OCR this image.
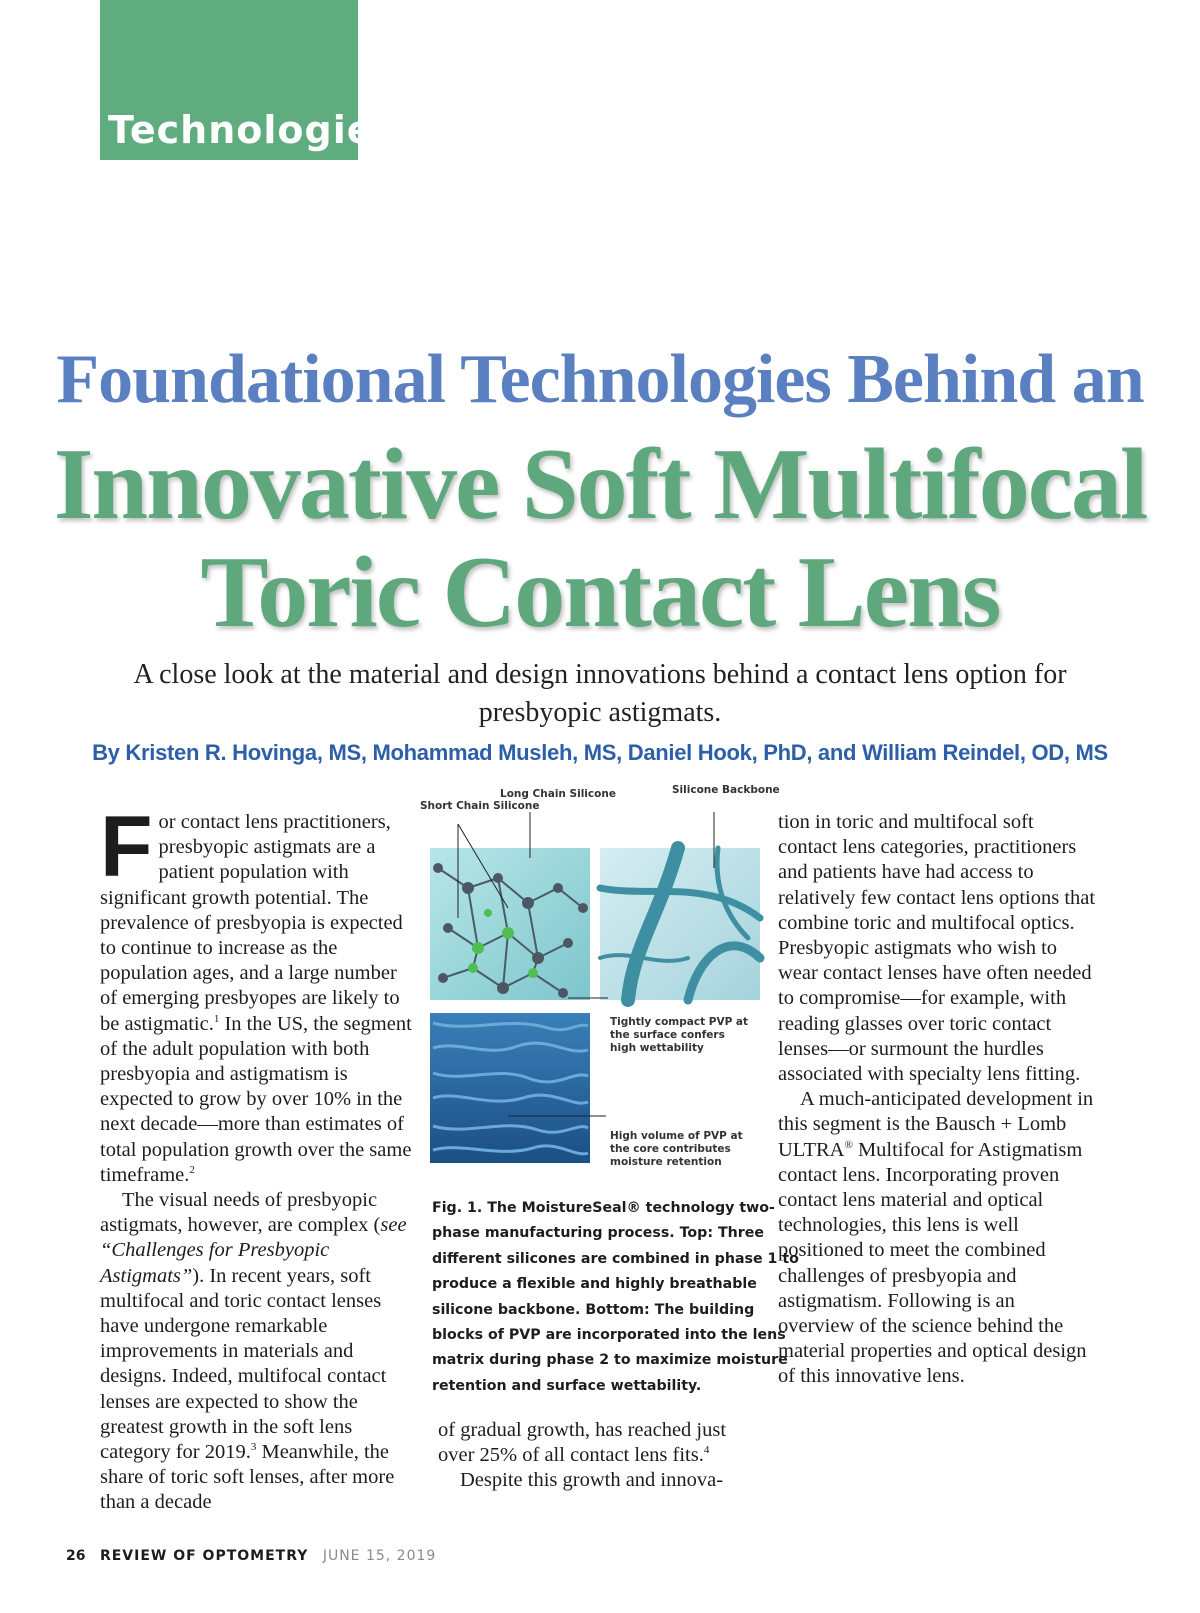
Technologies
Foundational Technologies Behind an
Innovative Soft Multifocal
Toric Contact Lens
A close look at the material and design innovations behind a contact lens option for presbyopic astigmats.
By Kristen R. Hovinga, MS, Mohammad Musleh, MS, Daniel Hook, PhD, and William Reindel, OD, MS

For contact lens practitioners, presbyopic astigmats are a patient population with significant growth potential. The prevalence of presbyopia is expected to continue to increase as the population ages, and a large number of emerging presbyopes are likely to be astigmatic.$^1$ In the US, the segment of the adult population with both presbyopia and astigmatism is expected to grow by over 10% in the next decade—more than estimates of total population growth over the same timeframe.$^2$

The visual needs of presbyopic astigmats, however, are complex (see “Challenges for Presbyopic Astigmats”). In recent years, soft multifocal and toric contact lenses have undergone remarkable improvements in materials and designs. Indeed, multifocal contact lenses are expected to show the greatest growth in the soft lens category for 2019.$^3$ Meanwhile, the share of toric soft lenses, after more than a decade

Long Chain Silicone
Short Chain Silicone
Silicone Backbone
Tightly compact PVP at the surface confers high wettability
High volume of PVP at the core contributes moisture retention
Fig. 1. The MoistureSeal® technology two-phase manufacturing process. Top: Three different silicones are combined in phase 1 to produce a flexible and highly breathable silicone backbone. Bottom: The building blocks of PVP are incorporated into the lens matrix during phase 2 to maximize moisture retention and surface wettability.

of gradual growth, has reached just over 25% of all contact lens fits.$^4$

Despite this growth and innova-

tion in toric and multifocal soft contact lens categories, practitioners and patients have had access to relatively few contact lens options that combine toric and multifocal optics. Presbyopic astigmats who wish to wear contact lenses have often needed to compromise—for example, with reading glasses over toric contact lenses—or surmount the hurdles associated with specialty lens fitting.

A much-anticipated development in this segment is the Bausch + Lomb ULTRA® Multifocal for Astigmatism contact lens. Incorporating proven contact lens material and optical technologies, this lens is well positioned to meet the combined challenges of presbyopia and astigmatism. Following is an overview of the science behind the material properties and optical design of this innovative lens.

26 REVIEW OF OPTOMETRY JUNE 15, 2019
